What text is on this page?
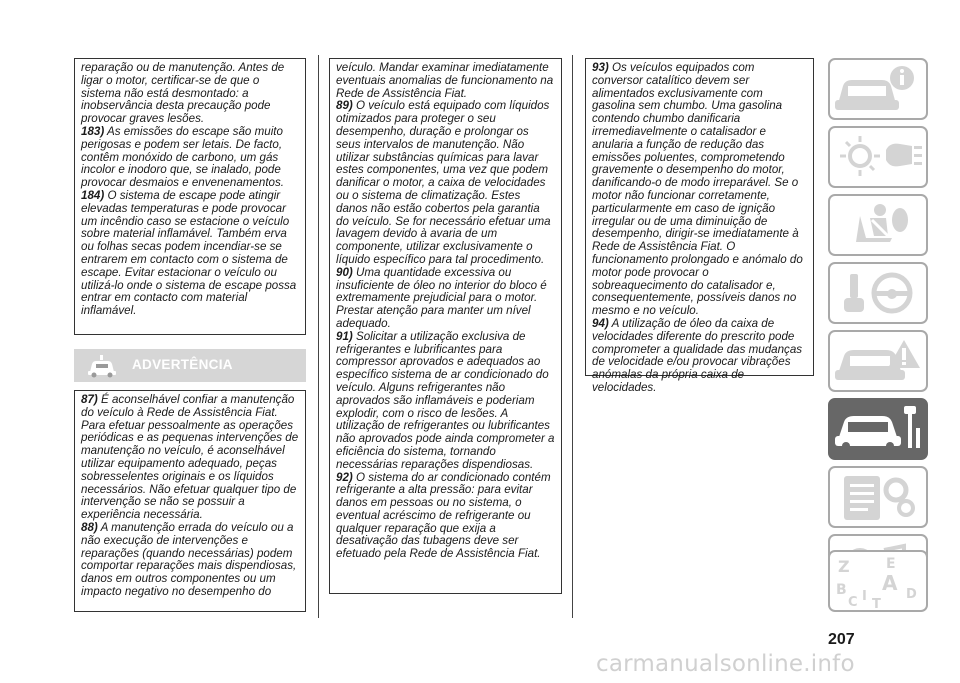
reparação ou de manutenção. Antes de ligar o motor, certificar-se de que o sistema não está desmontado: a inobservância desta precaução pode provocar graves lesões.

183) As emissões do escape são muito perigosas e podem ser letais. De facto, contêm monóxido de carbono, um gás incolor e inodoro que, se inalado, pode provocar desmaios e envenenamentos.

184) O sistema de escape pode atingir elevadas temperaturas e pode provocar um incêndio caso se estacione o veículo sobre material inflamável. Também erva ou folhas secas podem incendiar-se se entrarem em contacto com o sistema de escape. Evitar estacionar o veículo ou utilizá-lo onde o sistema de escape possa entrar em contacto com material inflamável.

ADVERTÊNCIA

87) É aconselhável confiar a manutenção do veículo à Rede de Assistência Fiat. Para efetuar pessoalmente as operações periódicas e as pequenas intervenções de manutenção no veículo, é aconselhável utilizar equipamento adequado, peças sobresselentes originais e os líquidos necessários. Não efetuar qualquer tipo de intervenção se não se possuir a experiência necessária.

88) A manutenção errada do veículo ou a não execução de intervenções e reparações (quando necessárias) podem comportar reparações mais dispendiosas, danos em outros componentes ou um impacto negativo no desempenho do

veículo. Mandar examinar imediatamente eventuais anomalias de funcionamento na Rede de Assistência Fiat.

89) O veículo está equipado com líquidos otimizados para proteger o seu desempenho, duração e prolongar os seus intervalos de manutenção. Não utilizar substâncias químicas para lavar estes componentes, uma vez que podem danificar o motor, a caixa de velocidades ou o sistema de climatização. Estes danos não estão cobertos pela garantia do veículo. Se for necessário efetuar uma lavagem devido à avaria de um componente, utilizar exclusivamente o líquido específico para tal procedimento.

90) Uma quantidade excessiva ou insuficiente de óleo no interior do bloco é extremamente prejudicial para o motor. Prestar atenção para manter um nível adequado.

91) Solicitar a utilização exclusiva de refrigerantes e lubrificantes para compressor aprovados e adequados ao específico sistema de ar condicionado do veículo. Alguns refrigerantes não aprovados são inflamáveis e poderiam explodir, com o risco de lesões. A utilização de refrigerantes ou lubrificantes não aprovados pode ainda comprometer a eficiência do sistema, tornando necessárias reparações dispendiosas.

92) O sistema do ar condicionado contém refrigerante a alta pressão: para evitar danos em pessoas ou no sistema, o eventual acréscimo de refrigerante ou qualquer reparação que exija a desativação das tubagens deve ser efetuado pela Rede de Assistência Fiat.

93) Os veículos equipados com conversor catalítico devem ser alimentados exclusivamente com gasolina sem chumbo. Uma gasolina contendo chumbo danificaria irremediavelmente o catalisador e anularia a função de redução das emissões poluentes, comprometendo gravemente o desempenho do motor, danificando-o de modo irreparável. Se o motor não funcionar corretamente, particularmente em caso de ignição irregular ou de uma diminuição de desempenho, dirigir-se imediatamente à Rede de Assistência Fiat. O funcionamento prolongado e anómalo do motor pode provocar o sobreaquecimento do catalisador e, consequentemente, possíveis danos no mesmo e no veículo.

94) A utilização de óleo da caixa de velocidades diferente do prescrito pode comprometer a qualidade das mudanças de velocidade e/ou provocar vibrações anómalas da própria caixa de velocidades.

Z	E
B A
C
D
I
T
207
carmanualsonline.info
